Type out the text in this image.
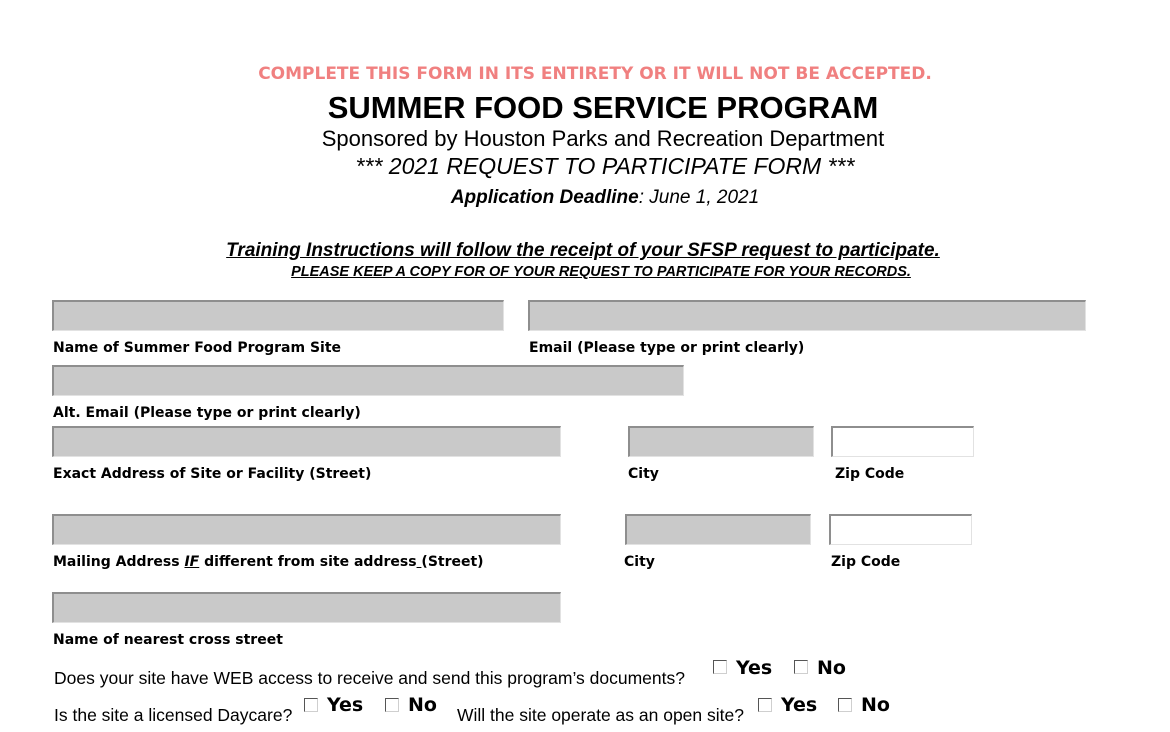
COMPLETE THIS FORM IN ITS ENTIRETY OR IT WILL NOT BE ACCEPTED.
SUMMER FOOD SERVICE PROGRAM
Sponsored by Houston Parks and Recreation Department
*** 2021 REQUEST TO PARTICIPATE FORM ***
Application Deadline: June 1, 2021
Training Instructions will follow the receipt of your SFSP request to participate.
PLEASE KEEP A COPY FOR OF YOUR REQUEST TO PARTICIPATE FOR YOUR RECORDS.
Name of Summer Food Program Site	Email (Please type or print clearly)
Alt. Email (Please type or print clearly)
Exact Address of Site or Facility (Street)	City	Zip Code
Mailing Address IF different from site address (Street)	City	Zip Code
Name of nearest cross street
Does your site have WEB access to receive and send this program’s documents?	Yes No
Is the site a licensed Daycare? Yes No Will the site operate as an open site? Yes No
